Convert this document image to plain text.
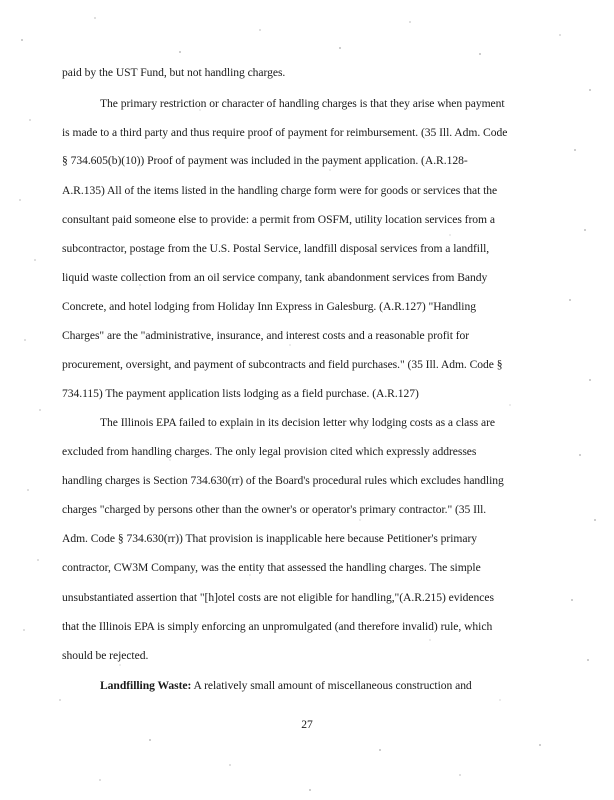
paid by the UST Fund, but not handling charges.
The primary restriction or character of handling charges is that they arise when payment
is made to a third party and thus require proof of payment for reimbursement. (35 Ill. Adm. Code
§ 734.605(b)(10)) Proof of payment was included in the payment application. (A.R.128-
A.R.135) All of the items listed in the handling charge form were for goods or services that the
consultant paid someone else to provide: a permit from OSFM, utility location services from a
subcontractor, postage from the U.S. Postal Service, landfill disposal services from a landfill,
liquid waste collection from an oil service company, tank abandonment services from Bandy
Concrete, and hotel lodging from Holiday Inn Express in Galesburg. (A.R.127) "Handling
Charges" are the "administrative, insurance, and interest costs and a reasonable profit for
procurement, oversight, and payment of subcontracts and field purchases." (35 Ill. Adm. Code §
734.115) The payment application lists lodging as a field purchase. (A.R.127)
The Illinois EPA failed to explain in its decision letter why lodging costs as a class are
excluded from handling charges. The only legal provision cited which expressly addresses
handling charges is Section 734.630(rr) of the Board's procedural rules which excludes handling
charges "charged by persons other than the owner's or operator's primary contractor." (35 Ill.
Adm. Code § 734.630(rr)) That provision is inapplicable here because Petitioner's primary
contractor, CW3M Company, was the entity that assessed the handling charges. The simple
unsubstantiated assertion that "[h]otel costs are not eligible for handling,"(A.R.215) evidences
that the Illinois EPA is simply enforcing an unpromulgated (and therefore invalid) rule, which
should be rejected.
Landfilling Waste: A relatively small amount of miscellaneous construction and
27
